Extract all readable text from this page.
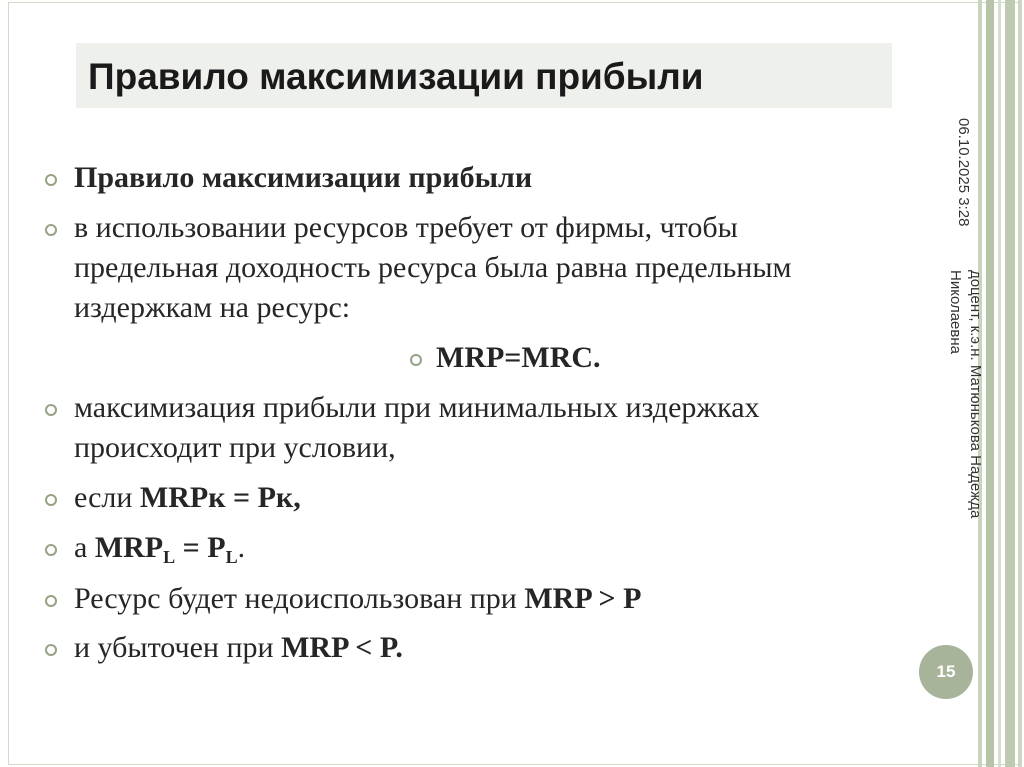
Правило максимизации прибыли
06.10.2025 3:28
доцент, к.э.н. Матюнькова Надежда Николаевна
15
Правило максимизации прибыли
в использовании ресурсов требует от фирмы, чтобы
предельная доходность ресурса была равна предельным
издержкам на ресурс:
MRP=MRC.
максимизация прибыли при минимальных издержках
происходит при условии,
если MRPк = Pк,
а $MRP_L = P_L$.
Ресурс будет недоиспользован при MRP > P
и убыточен при MRP < P.
